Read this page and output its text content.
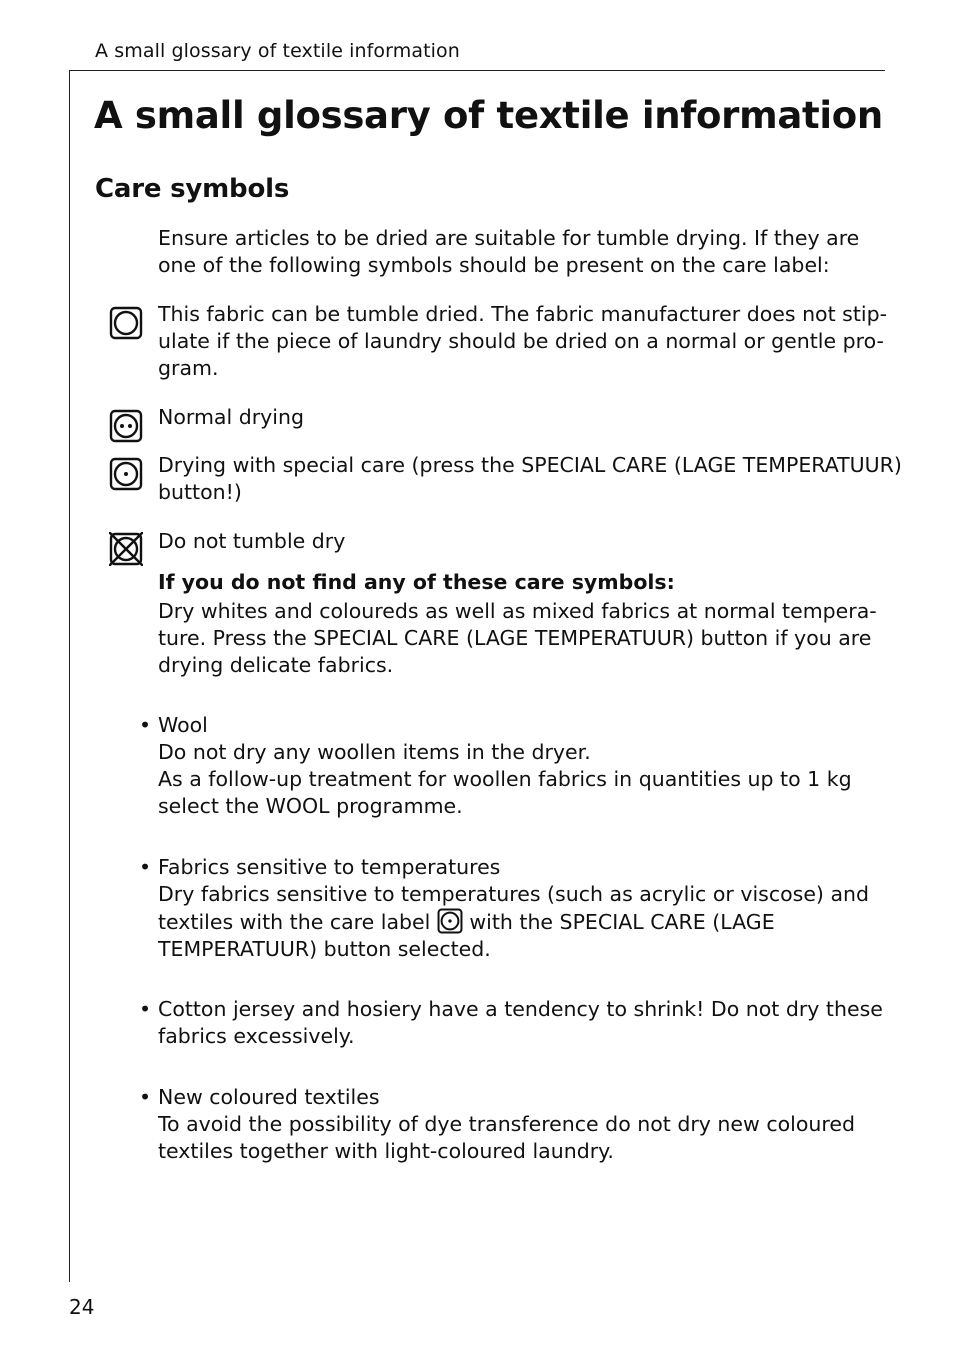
A small glossary of textile information
A small glossary of textile information
Care symbols
Ensure articles to be dried are suitable for tumble drying. If they are
one of the following symbols should be present on the care label:
This fabric can be tumble dried. The fabric manufacturer does not stip-
ulate if the piece of laundry should be dried on a normal or gentle pro-
gram.
Normal drying
Drying with special care (press the SPECIAL CARE (LAGE TEMPERATUUR)
button!)
Do not tumble dry
If you do not find any of these care symbols:
Dry whites and coloureds as well as mixed fabrics at normal tempera-
ture. Press the SPECIAL CARE (LAGE TEMPERATUUR) button if you are
drying delicate fabrics.
• Wool
Do not dry any woollen items in the dryer.
As a follow-up treatment for woollen fabrics in quantities up to 1 kg
select the WOOL programme.
• Fabrics sensitive to temperatures
Dry fabrics sensitive to temperatures (such as acrylic or viscose) and
textiles with the care label  with the SPECIAL CARE (LAGE
TEMPERATUUR) button selected.
• Cotton jersey and hosiery have a tendency to shrink! Do not dry these
fabrics excessively.
• New coloured textiles
To avoid the possibility of dye transference do not dry new coloured
textiles together with light-coloured laundry.
24
